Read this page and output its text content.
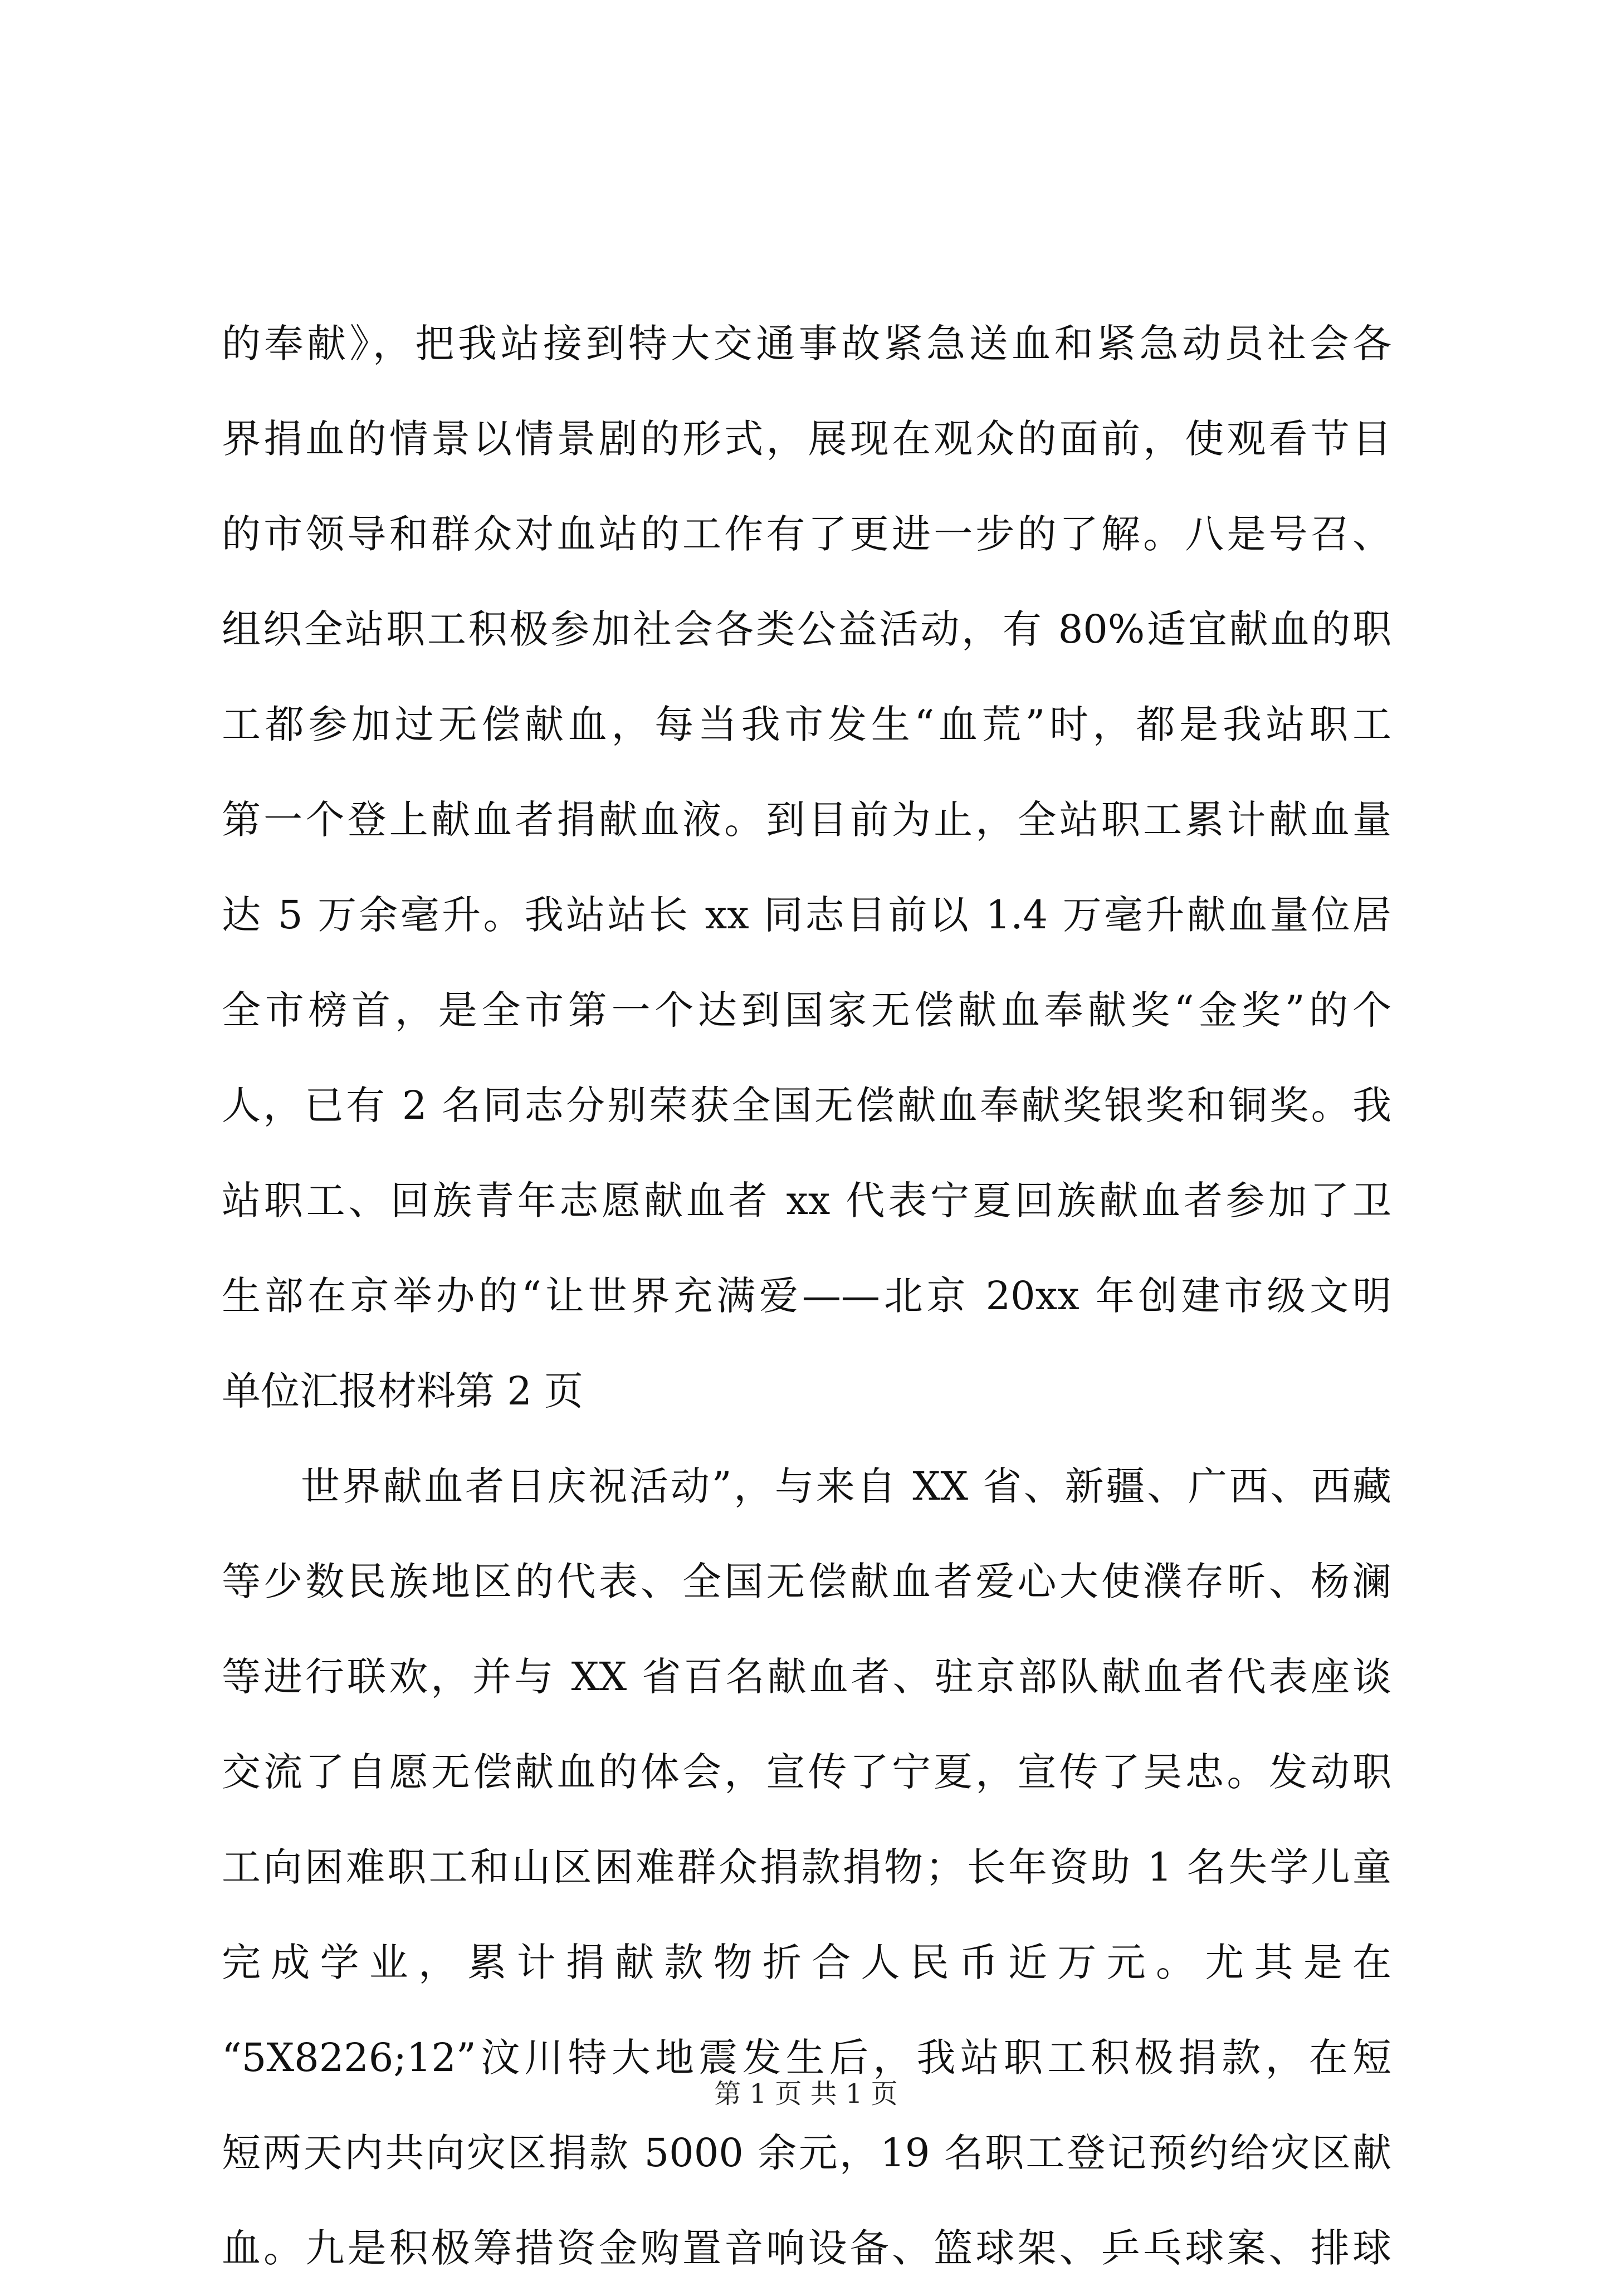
的奉献》，把我站接到特大交通事故紧急送血和紧急动员社会各
界捐血的情景以情景剧的形式，展现在观众的面前，使观看节目
的市领导和群众对血站的工作有了更进一步的了解。八是号召、
组织全站职工积极参加社会各类公益活动，有 80%适宜献血的职
工都参加过无偿献血，每当我市发生“血荒”时，都是我站职工
第一个登上献血者捐献血液。到目前为止，全站职工累计献血量
达 5 万余毫升。我站站长 xx 同志目前以 1.4 万毫升献血量位居
全市榜首，是全市第一个达到国家无偿献血奉献奖“金奖”的个
人，已有 2 名同志分别荣获全国无偿献血奉献奖银奖和铜奖。我
站职工、回族青年志愿献血者 xx 代表宁夏回族献血者参加了卫
生部在京举办的“让世界充满爱——北京 20xx 年创建市级文明
单位汇报材料第 2 页
世界献血者日庆祝活动”，与来自 XX 省、新疆、广西、西藏
等少数民族地区的代表、全国无偿献血者爱心大使濮存昕、杨澜
等进行联欢，并与 XX 省百名献血者、驻京部队献血者代表座谈
交流了自愿无偿献血的体会，宣传了宁夏，宣传了吴忠。发动职
工向困难职工和山区困难群众捐款捐物；长年资助 1 名失学儿童
完成学业，累计捐献款物折合人民币近万元。尤其是在
“5X8226;12”汶川特大地震发生后，我站职工积极捐款，在短
短两天内共向灾区捐款 5000 余元，19 名职工登记预约给灾区献
血。九是积极筹措资金购置音响设备、篮球架、乒乓球案、排球
第 1 页 共 1 页
